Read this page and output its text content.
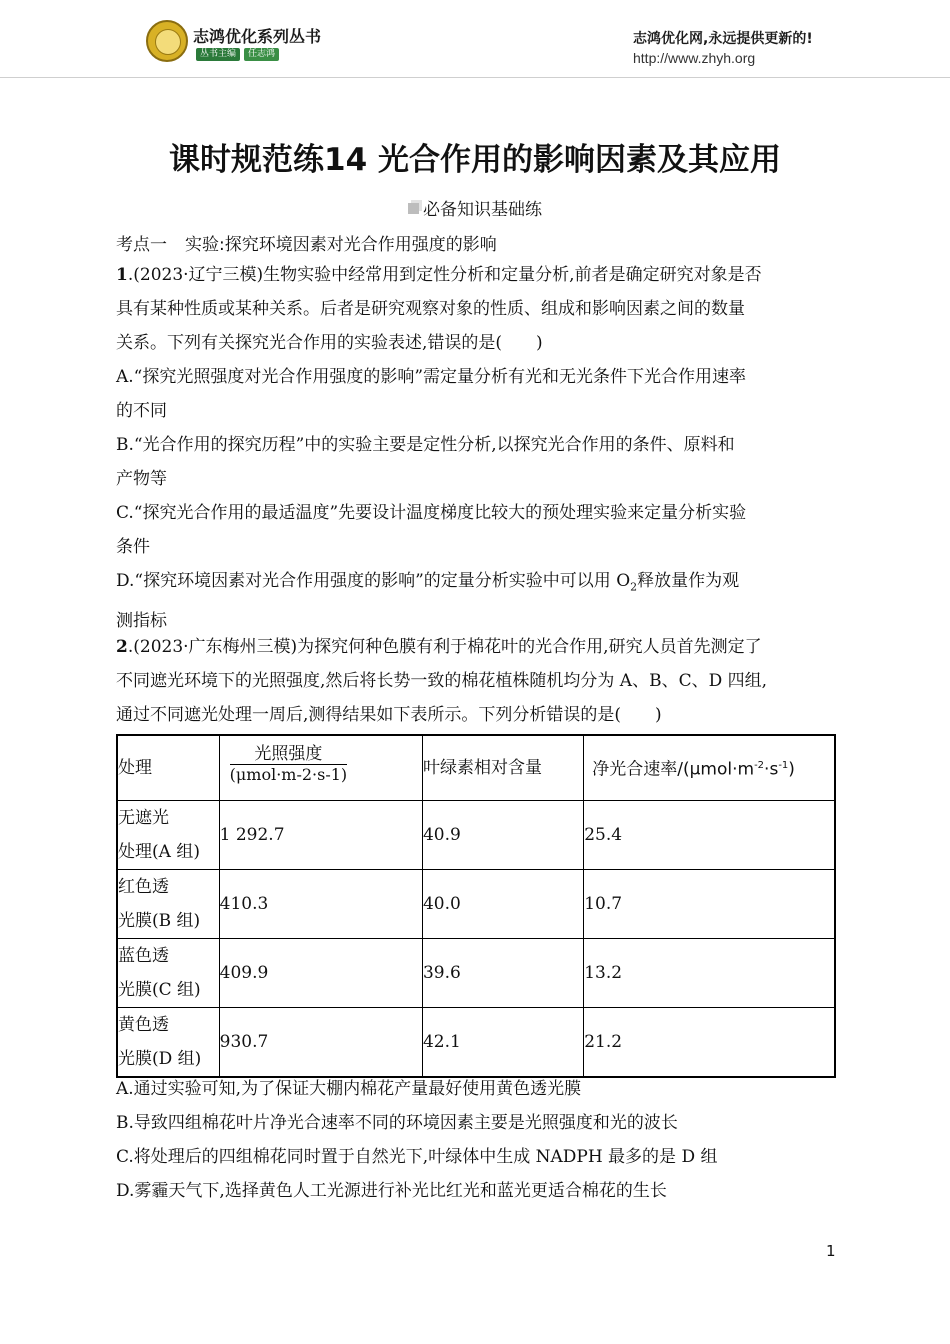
志鸿优化系列丛书
丛书主编	任志鸿
志鸿优化网,永远提供更新的!
http://www.zhyh.org
课时规范练14 光合作用的影响因素及其应用
必备知识基础练
考点一 实验:探究环境因素对光合作用强度的影响

1.(2023·辽宁三模)生物实验中经常用到定性分析和定量分析,前者是确定研究对象是否

具有某种性质或某种关系。后者是研究观察对象的性质、组成和影响因素之间的数量

关系。下列有关探究光合作用的实验表述,错误的是(　　)

A.“探究光照强度对光合作用强度的影响”需定量分析有光和无光条件下光合作用速率

的不同

B.“光合作用的探究历程”中的实验主要是定性分析,以探究光合作用的条件、原料和

产物等

C.“探究光合作用的最适温度”先要设计温度梯度比较大的预处理实验来定量分析实验

条件

D.“探究环境因素对光合作用强度的影响”的定量分析实验中可以用 $O_2$释放量作为观

测指标

2.(2023·广东梅州三模)为探究何种色膜有利于棉花叶的光合作用,研究人员首先测定了

不同遮光环境下的光照强度,然后将长势一致的棉花植株随机均分为 A、B、C、D 四组,

通过不同遮光处理一周后,测得结果如下表所示。下列分析错误的是(　　)

处理	$\frac{\text{光照强度}}{\text{(μmol·m-2·s-1)}}$	叶绿素相对含量	净光合速率$/(\mu mol\cdot m^{-2}\cdot s^{-1})$

无遮光
处理(A 组)	1 292.7	40.9	25.4

红色透
光膜(B 组)	410.3	40.0	10.7

蓝色透
光膜(C 组)	409.9	39.6	13.2

黄色透
光膜(D 组)	930.7	42.1	21.2

A.通过实验可知,为了保证大棚内棉花产量最好使用黄色透光膜

B.导致四组棉花叶片净光合速率不同的环境因素主要是光照强度和光的波长

C.将处理后的四组棉花同时置于自然光下,叶绿体中生成 NADPH 最多的是 D 组

D.雾霾天气下,选择黄色人工光源进行补光比红光和蓝光更适合棉花的生长

1
